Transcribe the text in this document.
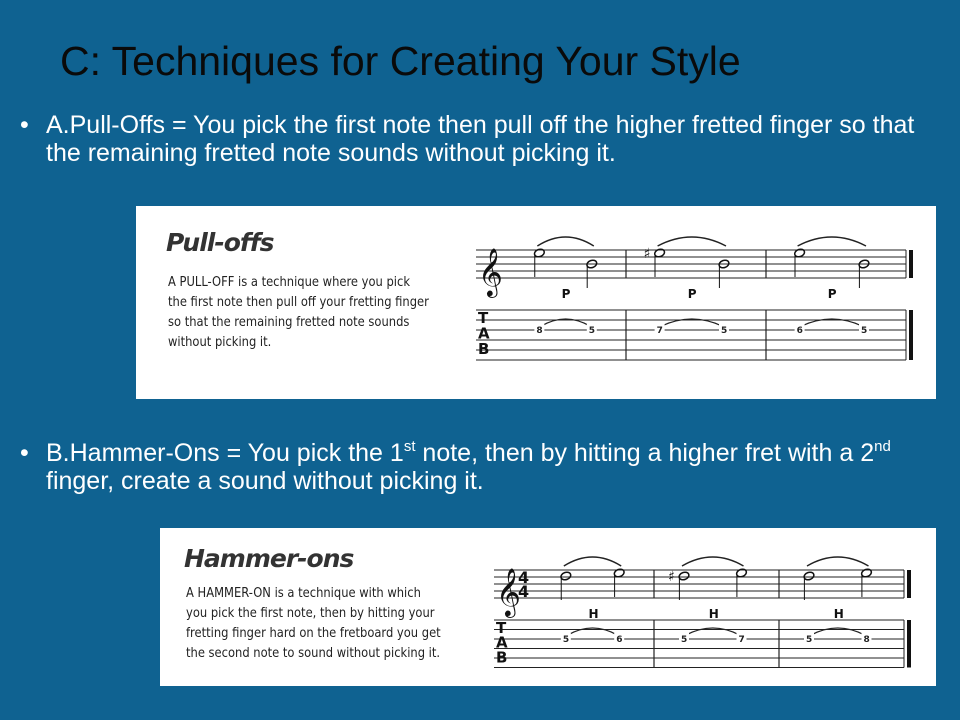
C: Techniques for Creating Your Style
• A.Pull-Offs = You pick the first note then pull off the higher fretted finger so that the remaining fretted note sounds without picking it.
Pull-offs
A PULL-OFF is a technique where you pick
the first note then pull off your fretting finger
so that the remaining fretted note sounds
without picking it.
𝄞
T
A
B
P
8	5
♯
P
7	5
P
6	5
• B.Hammer-Ons = You pick the 1st note, then by hitting a higher fret with a 2nd finger, create a sound without picking it.
Hammer-ons
A HAMMER-ON is a technique with which
you pick the first note, then by hitting your
fretting finger hard on the fretboard you get
the second note to sound without picking it.
𝄞
4
4
T
A
B
H
5	6
♯
H
5	7
H
5	8
